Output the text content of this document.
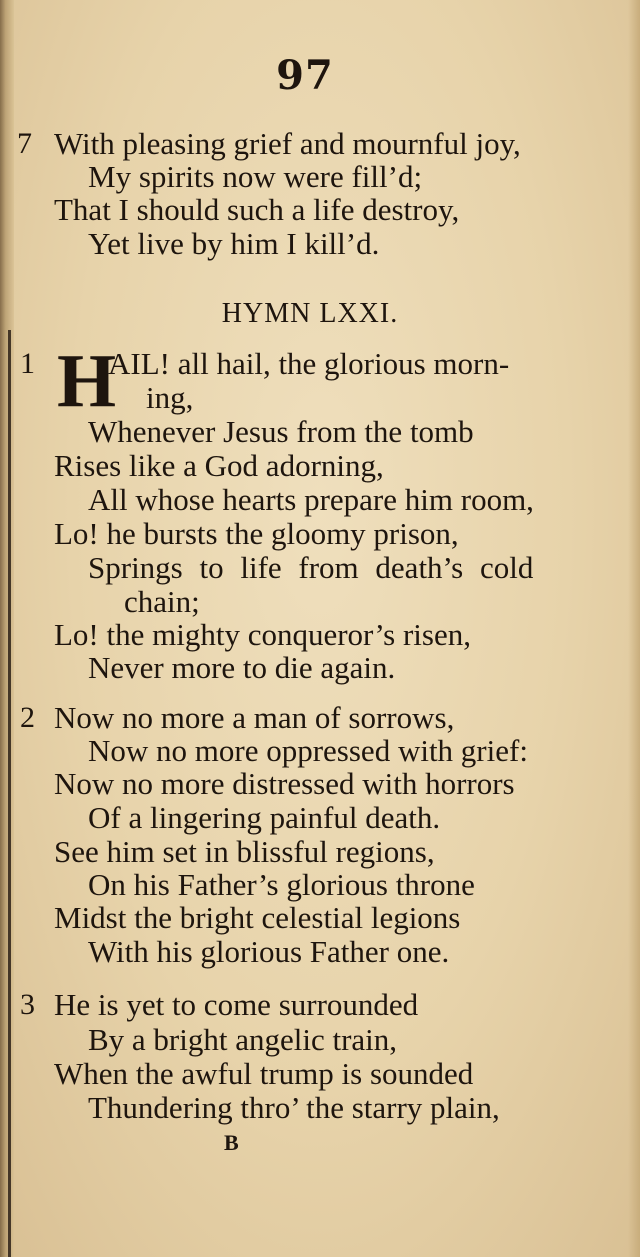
97
7 With pleasing grief and mournful joy,
My spirits now were fill’d;
That I should such a life destroy,
Yet live by him I kill’d.
HYMN LXXI.
1 H
AIL! all hail, the glorious morn-
ing,
Whenever Jesus from the tomb
Rises like a God adorning,
All whose hearts prepare him room,
Lo! he bursts the gloomy prison,
Springs to life from death’s cold
chain;
Lo! the mighty conqueror’s risen,
Never more to die again.
2 Now no more a man of sorrows,
Now no more oppressed with grief:
Now no more distressed with horrors
Of a lingering painful death.
See him set in blissful regions,
On his Father’s glorious throne
Midst the bright celestial legions
With his glorious Father one.
3 He is yet to come surrounded
By a bright angelic train,
When the awful trump is sounded
Thundering thro’ the starry plain,
B
